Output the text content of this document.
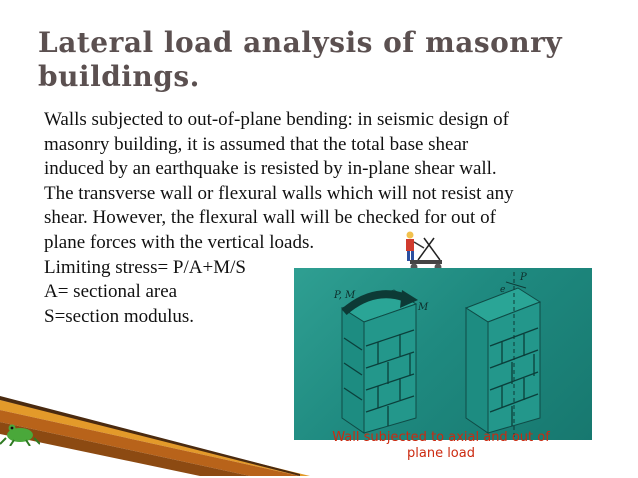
Lateral load analysis of masonry buildings.
Walls subjected to out-of-plane bending: in seismic design of
masonry building, it is assumed that the total base shear
induced by an earthquake is resisted by in-plane shear wall.
The transverse wall or flexural walls which will not resist any
shear. However, the flexural wall will be checked for out of
plane forces with the vertical loads.
Limiting stress= P/A+M/S
A= sectional area
S=section modulus.
P, M
M
P
e
Wall subjected to axial and out of
plane load
